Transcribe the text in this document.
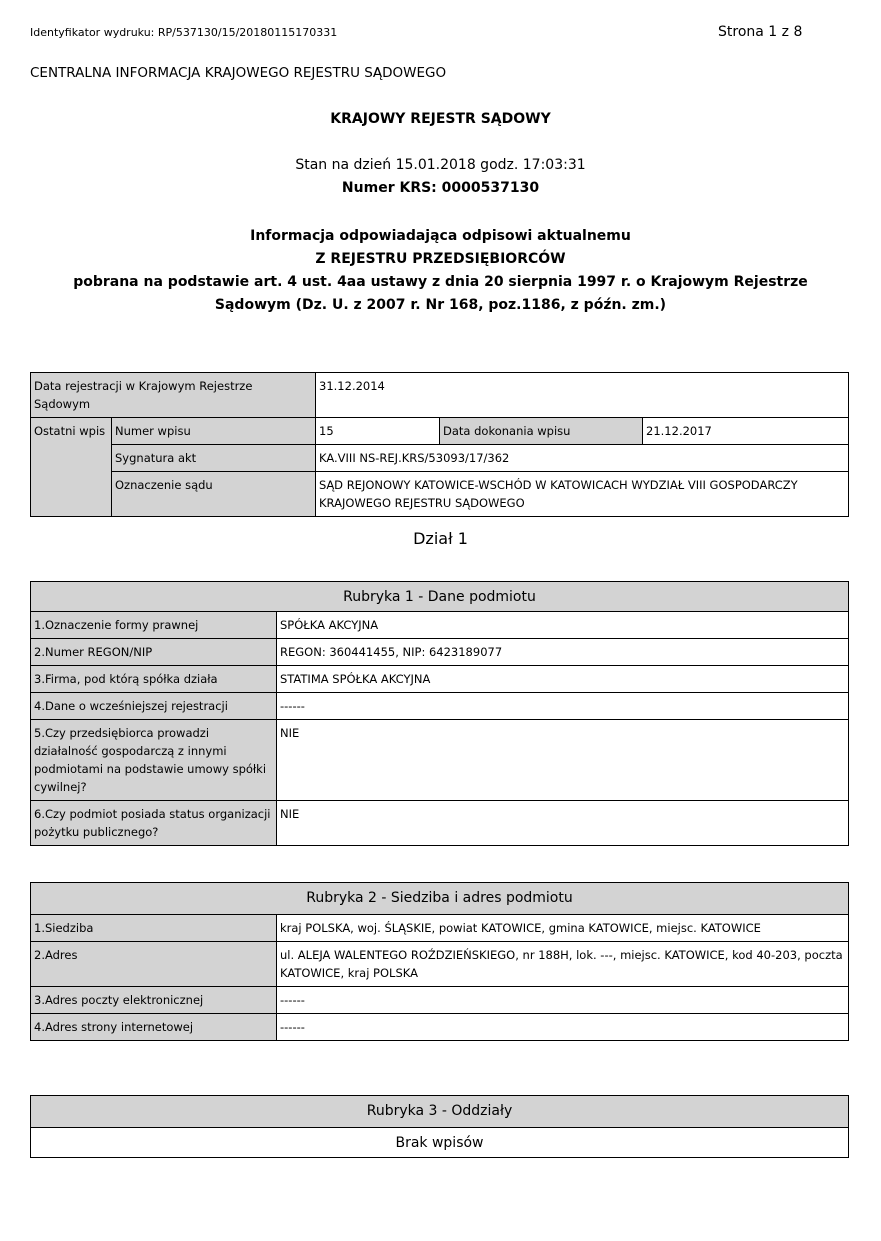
Identyfikator wydruku: RP/537130/15/20180115170331	Strona 1 z 8
CENTRALNA INFORMACJA KRAJOWEGO REJESTRU SĄDOWEGO
KRAJOWY REJESTR SĄDOWY
Stan na dzień 15.01.2018 godz. 17:03:31
Numer KRS: 0000537130
Informacja odpowiadająca odpisowi aktualnemu
Z REJESTRU PRZEDSIĘBIORCÓW
pobrana na podstawie art. 4 ust. 4aa ustawy z dnia 20 sierpnia 1997 r. o Krajowym Rejestrze
Sądowym (Dz. U. z 2007 r. Nr 168, poz.1186, z późn. zm.)
Data rejestracji w Krajowym Rejestrze Sądowym		31.12.2014		
Ostatni wpis	Numer wpisu	15	Data dokonania wpisu	21.12.2017
	Sygnatura akt	KA.VIII NS-REJ.KRS/53093/17/362		
	Oznaczenie sądu	SĄD REJONOWY KATOWICE-WSCHÓD W KATOWICACH WYDZIAŁ VIII GOSPODARCZY KRAJOWEGO REJESTRU SĄDOWEGO		
Dział 1
Rubryka 1 - Dane podmiotu	
1.Oznaczenie formy prawnej	SPÓŁKA AKCYJNA
2.Numer REGON/NIP	REGON: 360441455, NIP: 6423189077
3.Firma, pod którą spółka działa	STATIMA SPÓŁKA AKCYJNA
4.Dane o wcześniejszej rejestracji	------
5.Czy przedsiębiorca prowadzi działalność gospodarczą z innymi podmiotami na podstawie umowy spółki cywilnej?	NIE
6.Czy podmiot posiada status organizacji pożytku publicznego?	NIE
Rubryka 2 - Siedziba i adres podmiotu	
1.Siedziba	kraj POLSKA, woj. ŚLĄSKIE, powiat KATOWICE, gmina KATOWICE, miejsc. KATOWICE
2.Adres	ul. ALEJA WALENTEGO ROŹDZIEŃSKIEGO, nr 188H, lok. ---, miejsc. KATOWICE, kod 40-203, poczta KATOWICE, kraj POLSKA
3.Adres poczty elektronicznej	------
4.Adres strony internetowej	------
Rubryka 3 - Oddziały
Brak wpisów
